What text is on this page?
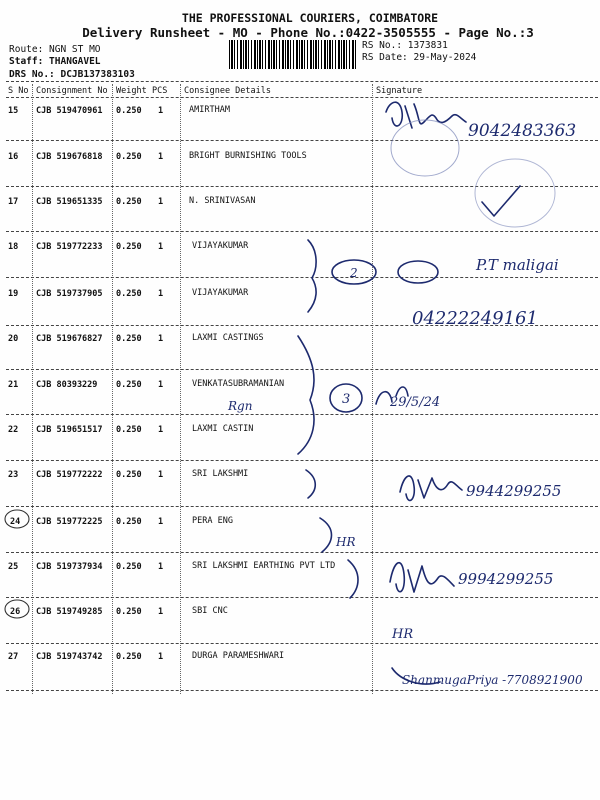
THE PROFESSIONAL COURIERS, COIMBATORE
Delivery Runsheet - MO - Phone No.:0422-3505555 - Page No.:3
Route: NGN ST MO
Staff: THANGAVEL
DRS No.: DCJB137383103
RS No.: 1373831
RS Date: 29-May-2024
S No Consignment No Weight PCS Consignee Details	Signature
15 CJB 519470961 0.250 1	AMIRTHAM
16 CJB 519676818 0.250 1	BRIGHT BURNISHING TOOLS
17 CJB 519651335 0.250 1	N. SRINIVASAN
18 CJB 519772233 0.250 1	VIJAYAKUMAR
19 CJB 519737905 0.250 1	VIJAYAKUMAR
20 CJB 519676827 0.250 1	LAXMI CASTINGS
21 CJB 80393229 0.250 1	VENKATASUBRAMANIAN
22 CJB 519651517 0.250 1	LAXMI CASTIN
23 CJB 519772222 0.250 1	SRI LAKSHMI
24 CJB 519772225 0.250 1	PERA ENG
25 CJB 519737934 0.250 1	SRI LAKSHMI EARTHING PVT LTD
26 CJB 519749285 0.250 1	SBI CNC
27 CJB 519743742 0.250 1	DURGA PARAMESHWARI
9042483363
P.T maligai
2
04222249161
29/5/24
Rgn	3
9944299255
HR
9994299255
HR
ShanmugaPriya -7708921900
